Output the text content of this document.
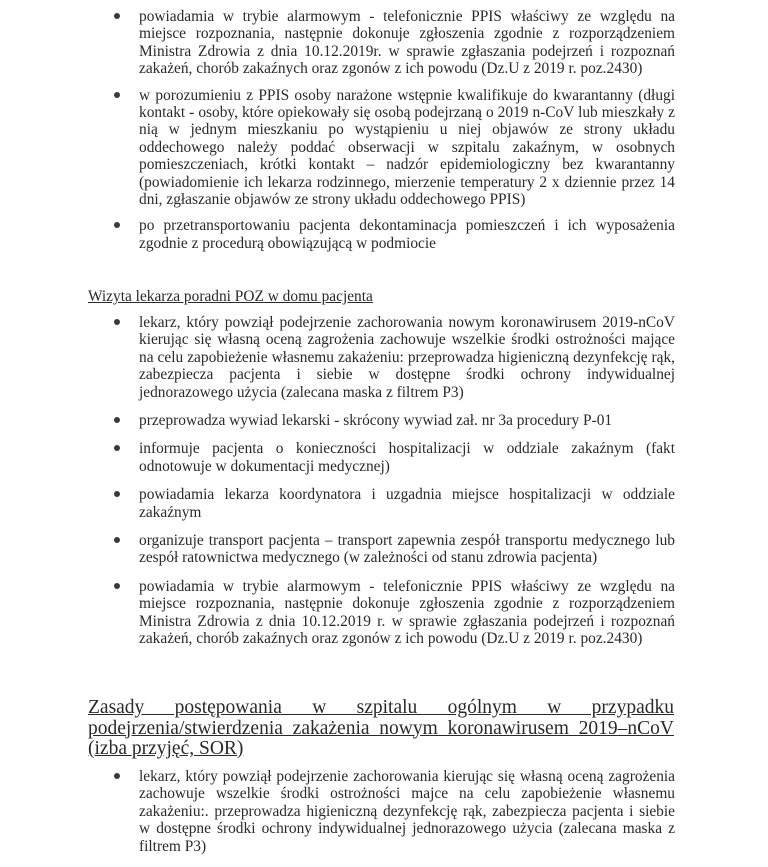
powiadamia w trybie alarmowym - telefonicznie PPIS właściwy ze względu na miejsce rozpoznania, następnie dokonuje zgłoszenia zgodnie z rozporządzeniem Ministra Zdrowia z dnia 10.12.2019r. w sprawie zgłaszania podejrzeń i rozpoznań zakażeń, chorób zakaźnych oraz zgonów z ich powodu (Dz.U z 2019 r. poz.2430)
w porozumieniu z PPIS osoby narażone wstępnie kwalifikuje do kwarantanny (długi kontakt - osoby, które opiekowały się osobą podejrzaną o 2019 n-CoV lub mieszkały z nią w jednym mieszkaniu po wystąpieniu u niej objawów ze strony układu oddechowego należy poddać obserwacji w szpitalu zakaźnym, w osobnych pomieszczeniach, krótki kontakt – nadzór epidemiologiczny bez kwarantanny (powiadomienie ich lekarza rodzinnego, mierzenie temperatury 2 x dziennie przez 14 dni, zgłaszanie objawów ze strony układu oddechowego PPIS)
po przetransportowaniu pacjenta dekontaminacja pomieszczeń i ich wyposażenia zgodnie z procedurą obowiązującą w podmiocie
Wizyta lekarza poradni POZ w domu pacjenta
lekarz, który powziął podejrzenie zachorowania nowym koronawirusem 2019-nCoV kierując się własną oceną zagrożenia zachowuje wszelkie środki ostrożności mające na celu zapobieżenie własnemu zakażeniu: przeprowadza higieniczną dezynfekcję rąk, zabezpiecza pacjenta i siebie w dostępne środki ochrony indywidualnej jednorazowego użycia (zalecana maska z filtrem P3)
przeprowadza wywiad lekarski - skrócony wywiad zał. nr 3a procedury P-01
informuje pacjenta o konieczności hospitalizacji w oddziale zakaźnym (fakt odnotowuje w dokumentacji medycznej)
powiadamia lekarza koordynatora i uzgadnia miejsce hospitalizacji w oddziale zakaźnym
organizuje transport pacjenta – transport zapewnia zespół transportu medycznego lub zespół ratownictwa medycznego (w zależności od stanu zdrowia pacjenta)
powiadamia w trybie alarmowym - telefonicznie PPIS właściwy ze względu na miejsce rozpoznania, następnie dokonuje zgłoszenia zgodnie z rozporządzeniem Ministra Zdrowia z dnia 10.12.2019 r. w sprawie zgłaszania podejrzeń i rozpoznań zakażeń, chorób zakaźnych oraz zgonów z ich powodu (Dz.U z 2019 r. poz.2430)
Zasady postępowania w szpitalu ogólnym w przypadku podejrzenia/stwierdzenia zakażenia nowym koronawirusem 2019–nCoV (izba przyjęć, SOR)
lekarz, który powziął podejrzenie zachorowania kierując się własną oceną zagrożenia zachowuje wszelkie środki ostrożności majce na celu zapobieżenie własnemu zakażeniu:. przeprowadza higieniczną dezynfekcję rąk, zabezpiecza pacjenta i siebie w dostępne środki ochrony indywidualnej jednorazowego użycia (zalecana maska z filtrem P3)
